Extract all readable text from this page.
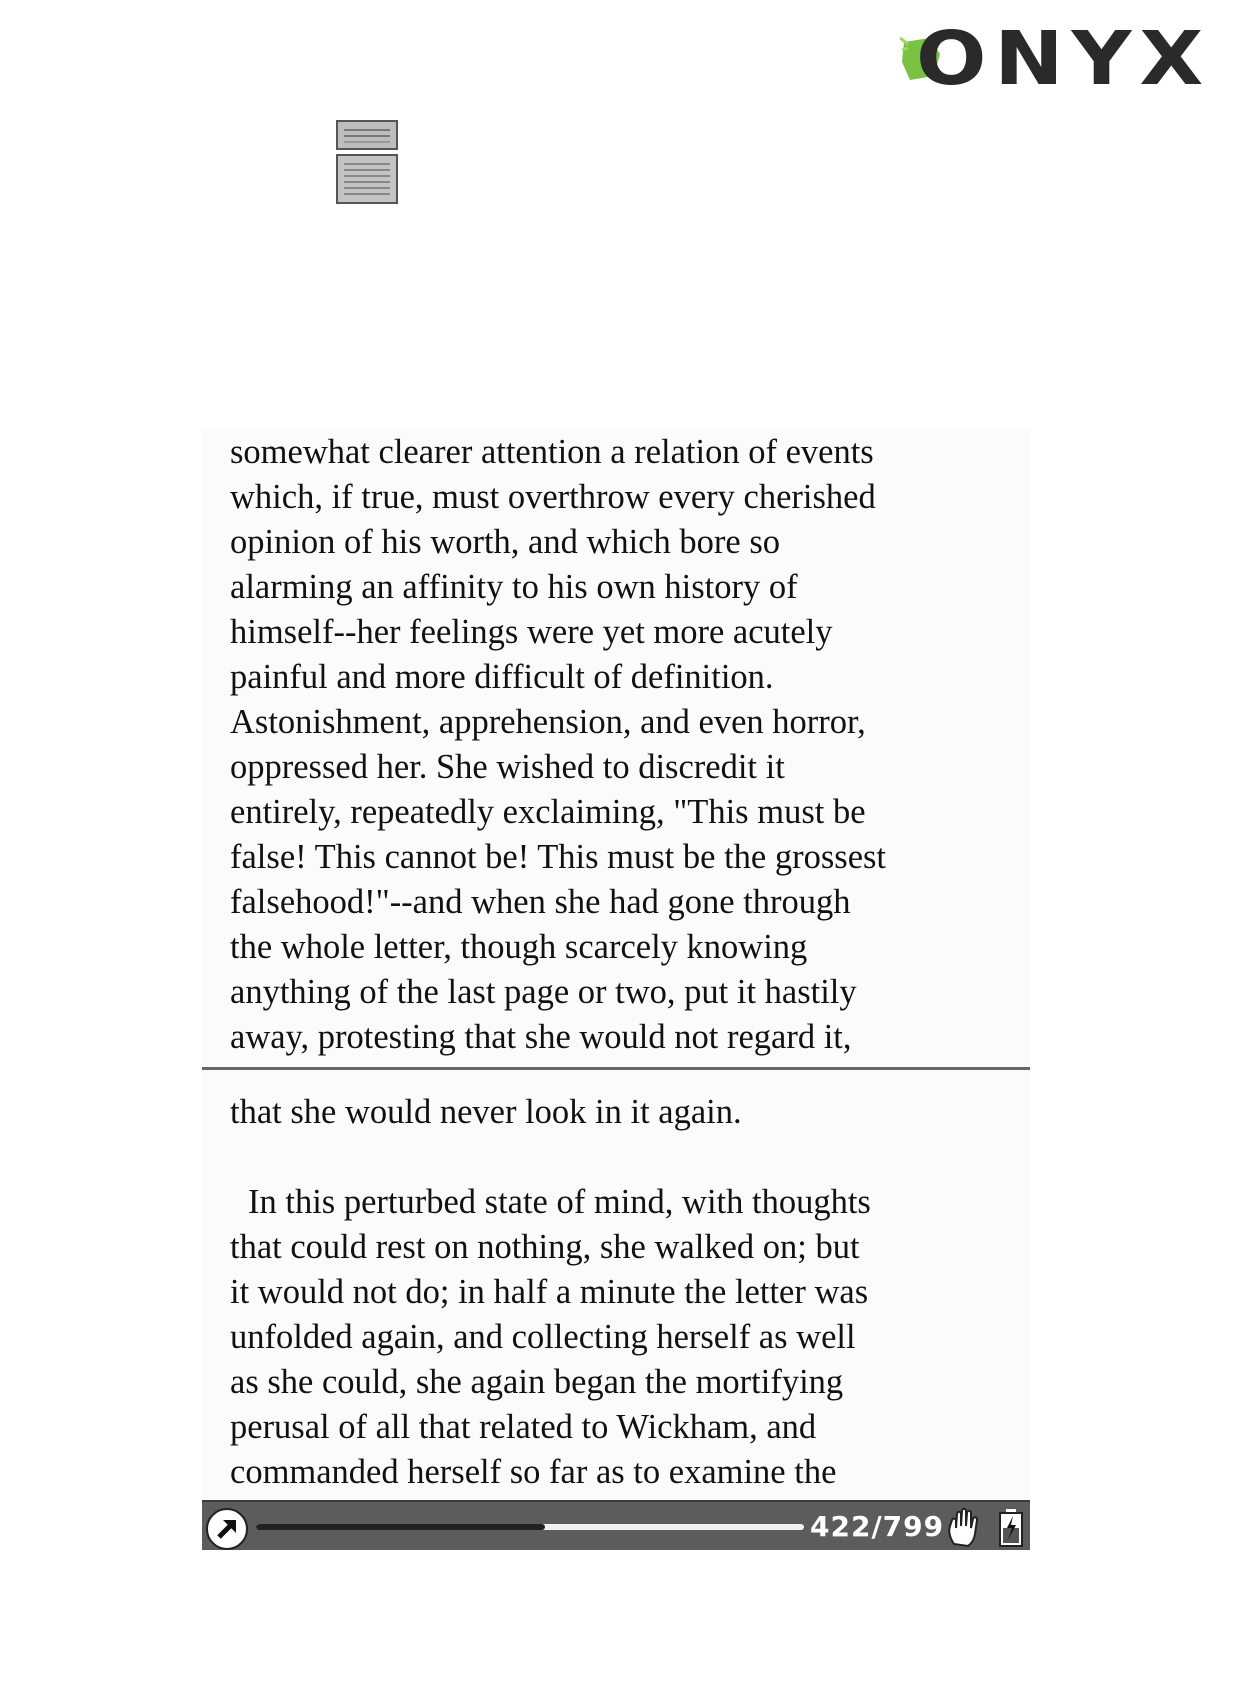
ONYX
somewhat clearer attention a relation of events
which, if true, must overthrow every cherished
opinion of his worth, and which bore so
alarming an affinity to his own history of
himself--her feelings were yet more acutely
painful and more difficult of definition.
Astonishment, apprehension, and even horror,
oppressed her. She wished to discredit it
entirely, repeatedly exclaiming, "This must be
false! This cannot be! This must be the grossest
falsehood!"--and when she had gone through
the whole letter, though scarcely knowing
anything of the last page or two, put it hastily
away, protesting that she would not regard it,
that she would never look in it again.
In this perturbed state of mind, with thoughts
that could rest on nothing, she walked on; but
it would not do; in half a minute the letter was
unfolded again, and collecting herself as well
as she could, she again began the mortifying
perusal of all that related to Wickham, and
commanded herself so far as to examine the
422/799
